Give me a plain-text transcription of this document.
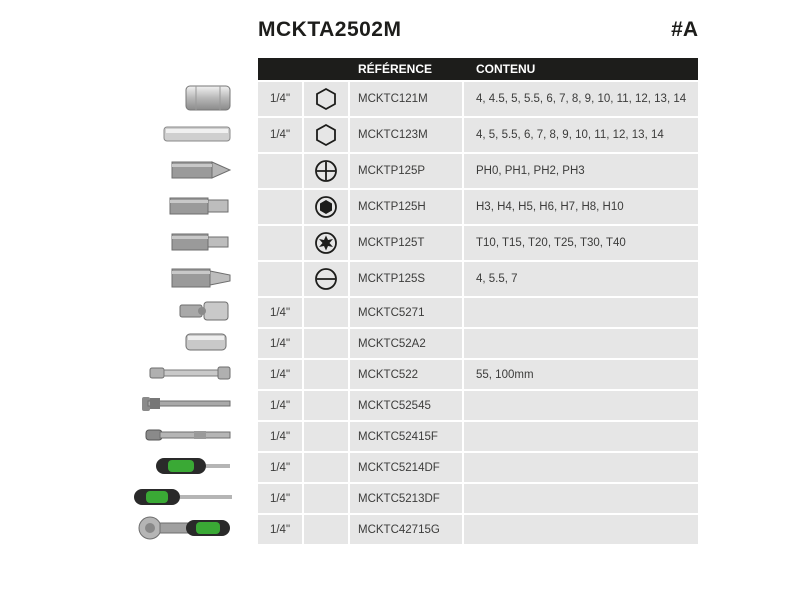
MCKTA2502M	#A
RÉFÉRENCE	CONTENU
1/4"	MCKTC121M	4, 4.5, 5, 5.5, 6, 7, 8, 9, 10, 11, 12, 13, 14
1/4"	MCKTC123M	4, 5, 5.5, 6, 7, 8, 9, 10, 11, 12, 13, 14
MCKTP125P	PH0, PH1, PH2, PH3
MCKTP125H	H3, H4, H5, H6, H7, H8, H10
MCKTP125T	T10, T15, T20, T25, T30, T40
MCKTP125S	4, 5.5, 7
1/4"	MCKTC5271
1/4"	MCKTC52A2
1/4"	MCKTC522	55, 100mm
1/4"	MCKTC52545
1/4"	MCKTC52415F
1/4"	MCKTC5214DF
1/4"	MCKTC5213DF
1/4"	MCKTC42715G
